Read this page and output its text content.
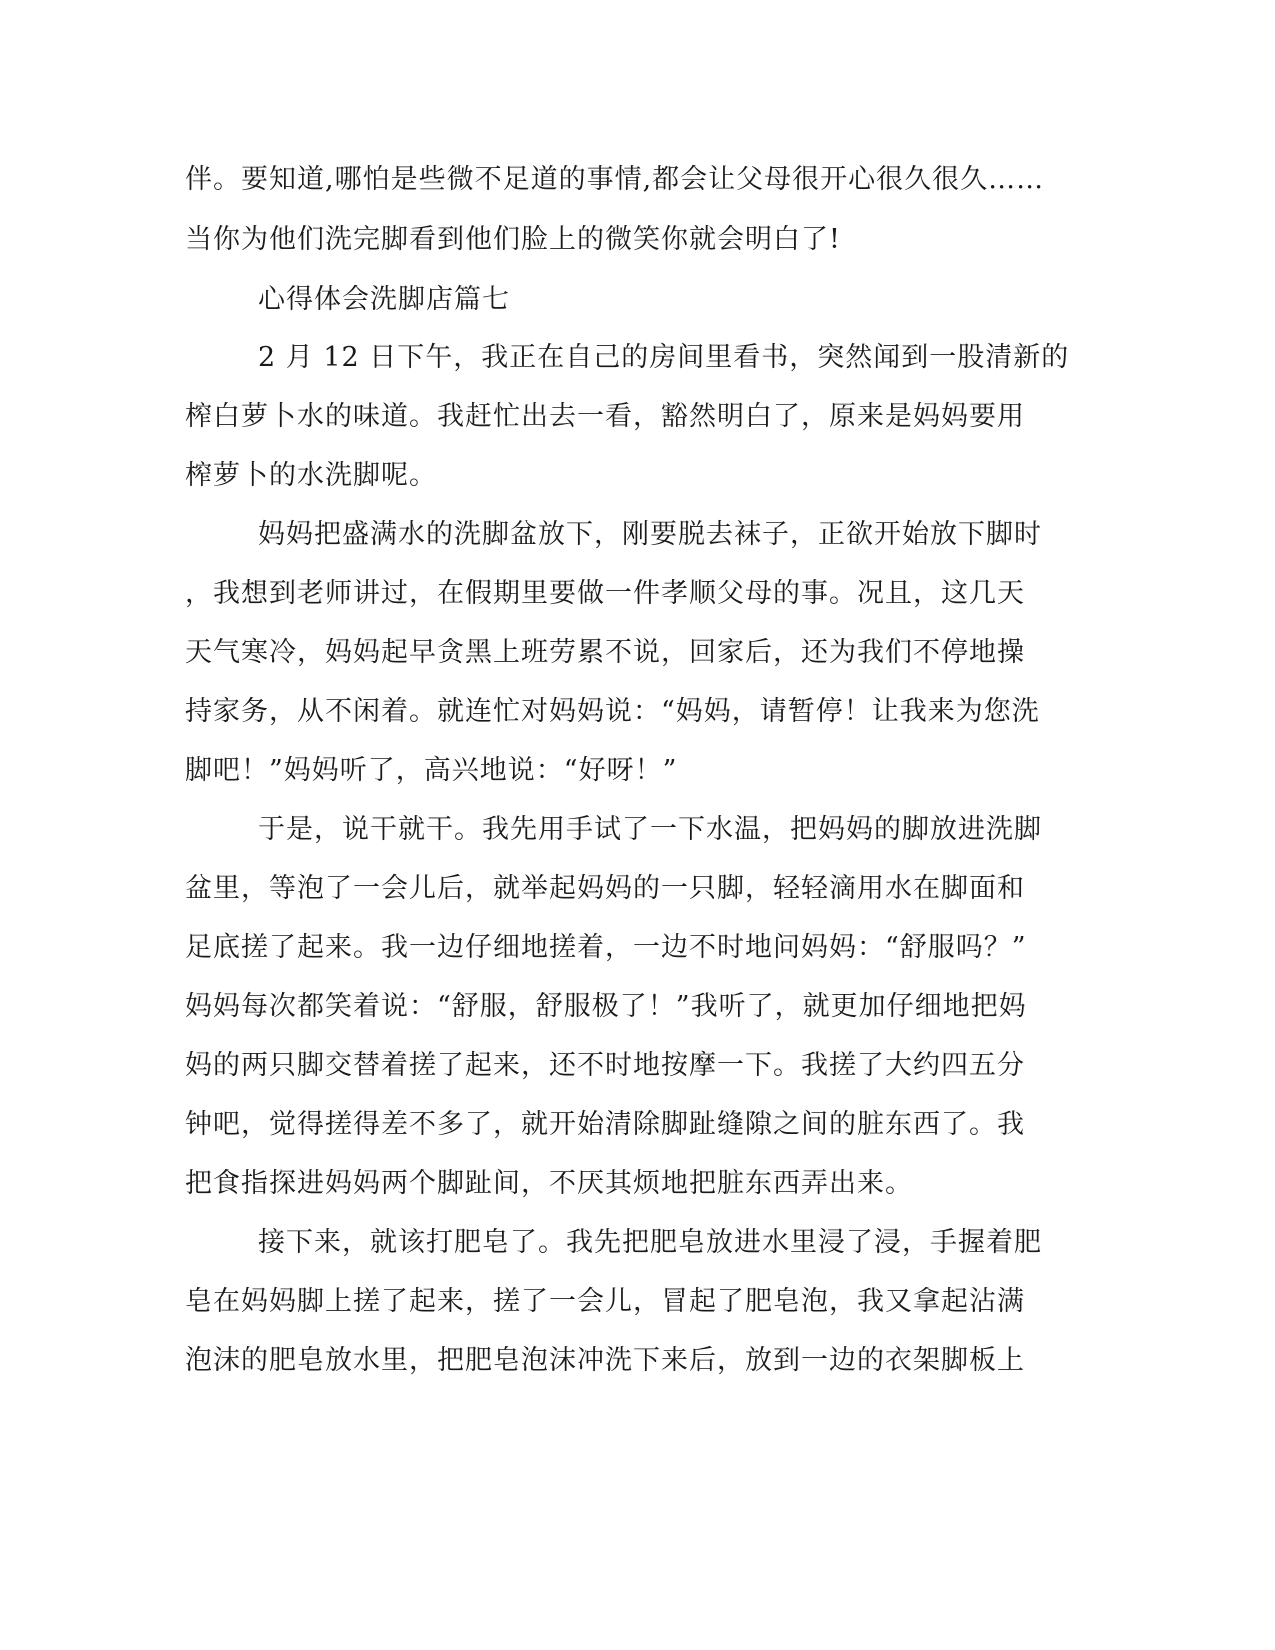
伴。要知道,哪怕是些微不足道的事情,都会让父母很开心很久很久……
当你为他们洗完脚看到他们脸上的微笑你就会明白了!
心得体会洗脚店篇七
2 月 12 日下午，我正在自己的房间里看书，突然闻到一股清新的
榨白萝卜水的味道。我赶忙出去一看，豁然明白了，原来是妈妈要用
榨萝卜的水洗脚呢。
妈妈把盛满水的洗脚盆放下，刚要脱去袜子，正欲开始放下脚时
，我想到老师讲过，在假期里要做一件孝顺父母的事。况且，这几天
天气寒冷，妈妈起早贪黑上班劳累不说，回家后，还为我们不停地操
持家务，从不闲着。就连忙对妈妈说：“妈妈，请暂停！让我来为您洗
脚吧！”妈妈听了，高兴地说：“好呀！”
于是，说干就干。我先用手试了一下水温，把妈妈的脚放进洗脚
盆里，等泡了一会儿后，就举起妈妈的一只脚，轻轻滴用水在脚面和
足底搓了起来。我一边仔细地搓着，一边不时地问妈妈：“舒服吗？”
妈妈每次都笑着说：“舒服，舒服极了！”我听了，就更加仔细地把妈
妈的两只脚交替着搓了起来，还不时地按摩一下。我搓了大约四五分
钟吧，觉得搓得差不多了，就开始清除脚趾缝隙之间的脏东西了。我
把食指探进妈妈两个脚趾间，不厌其烦地把脏东西弄出来。
接下来，就该打肥皂了。我先把肥皂放进水里浸了浸，手握着肥
皂在妈妈脚上搓了起来，搓了一会儿，冒起了肥皂泡，我又拿起沾满
泡沫的肥皂放水里，把肥皂泡沫冲洗下来后，放到一边的衣架脚板上
